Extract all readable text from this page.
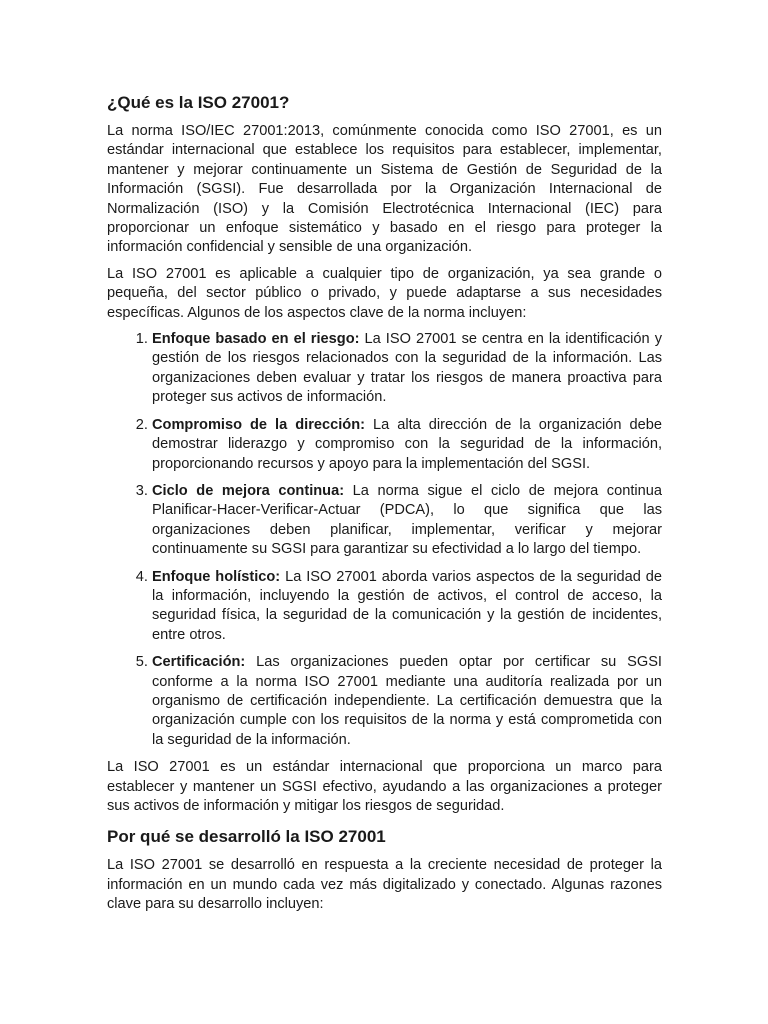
¿Qué es la ISO 27001?

La norma ISO/IEC 27001:2013, comúnmente conocida como ISO 27001, es un estándar internacional que establece los requisitos para establecer, implementar, mantener y mejorar continuamente un Sistema de Gestión de Seguridad de la Información (SGSI). Fue desarrollada por la Organización Internacional de Normalización (ISO) y la Comisión Electrotécnica Internacional (IEC) para proporcionar un enfoque sistemático y basado en el riesgo para proteger la información confidencial y sensible de una organización.

La ISO 27001 es aplicable a cualquier tipo de organización, ya sea grande o pequeña, del sector público o privado, y puede adaptarse a sus necesidades específicas. Algunos de los aspectos clave de la norma incluyen:

1. Enfoque basado en el riesgo: La ISO 27001 se centra en la identificación y gestión de los riesgos relacionados con la seguridad de la información. Las organizaciones deben evaluar y tratar los riesgos de manera proactiva para proteger sus activos de información.
2. Compromiso de la dirección: La alta dirección de la organización debe demostrar liderazgo y compromiso con la seguridad de la información, proporcionando recursos y apoyo para la implementación del SGSI.
3. Ciclo de mejora continua: La norma sigue el ciclo de mejora continua Planificar-Hacer-Verificar-Actuar (PDCA), lo que significa que las organizaciones deben planificar, implementar, verificar y mejorar continuamente su SGSI para garantizar su efectividad a lo largo del tiempo.
4. Enfoque holístico: La ISO 27001 aborda varios aspectos de la seguridad de la información, incluyendo la gestión de activos, el control de acceso, la seguridad física, la seguridad de la comunicación y la gestión de incidentes, entre otros.
5. Certificación: Las organizaciones pueden optar por certificar su SGSI conforme a la norma ISO 27001 mediante una auditoría realizada por un organismo de certificación independiente. La certificación demuestra que la organización cumple con los requisitos de la norma y está comprometida con la seguridad de la información.

La ISO 27001 es un estándar internacional que proporciona un marco para establecer y mantener un SGSI efectivo, ayudando a las organizaciones a proteger sus activos de información y mitigar los riesgos de seguridad.

Por qué se desarrolló la ISO 27001

La ISO 27001 se desarrolló en respuesta a la creciente necesidad de proteger la información en un mundo cada vez más digitalizado y conectado. Algunas razones clave para su desarrollo incluyen:
